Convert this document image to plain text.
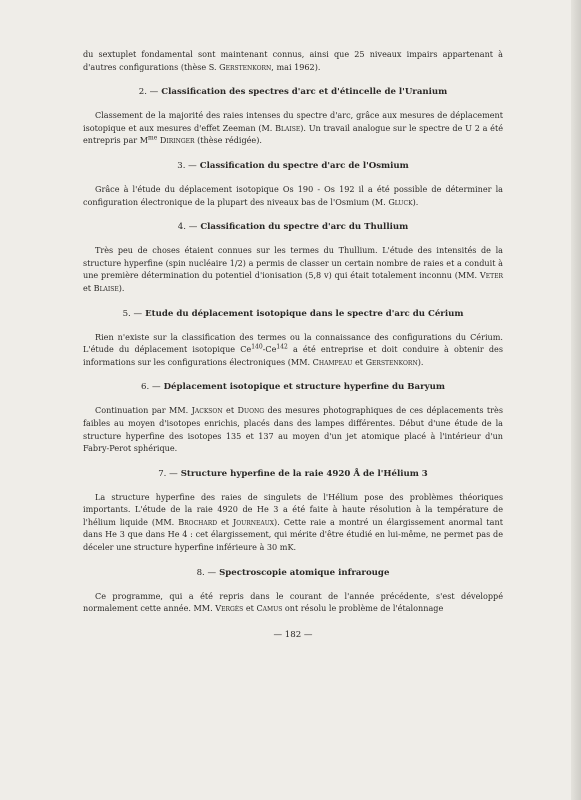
du sextuplet fondamental sont maintenant connus, ainsi que 25 niveaux impairs appartenant à d'autres configurations (thèse S. Gerstenkorn, mai 1962).

2. — Classification des spectres d'arc et d'étincelle de l'Uranium

Classement de la majorité des raies intenses du spectre d'arc, grâce aux mesures de déplacement isotopique et aux mesures d'effet Zeeman (M. Blaise). Un travail analogue sur le spectre de U 2 a été entrepris par $M^{me}$ Diringer (thèse rédigée).

3. — Classification du spectre d'arc de l'Osmium

Grâce à l'étude du déplacement isotopique Os 190 - Os 192 il a été possible de déterminer la configuration électronique de la plupart des niveaux bas de l'Osmium (M. Gluck).

4. — Classification du spectre d'arc du Thullium

Très peu de choses étaient connues sur les termes du Thullium. L'étude des intensités de la structure hyperfine (spin nucléaire 1/2) a permis de classer un certain nombre de raies et a conduit à une première détermination du potentiel d'ionisation (5,8 v) qui était totalement inconnu (MM. Veter et Blaise).

5. — Etude du déplacement isotopique dans le spectre d'arc du Cérium

Rien n'existe sur la classification des termes ou la connaissance des configurations du Cérium. L'étude du déplacement isotopique Ce$^{140}$-Ce$^{142}$ a été entreprise et doit conduire à obtenir des informations sur les configurations électroniques (MM. Champeau et Gerstenkorn).

6. — Déplacement isotopique et structure hyperfine du Baryum

Continuation par MM. Jackson et Duong des mesures photographiques de ces déplacements très faibles au moyen d'isotopes enrichis, placés dans des lampes différentes. Début d'une étude de la structure hyperfine des isotopes 135 et 137 au moyen d'un jet atomique placé à l'intérieur d'un Fabry-Perot sphérique.

7. — Structure hyperfine de la raie 4920 Å de l'Hélium 3

La structure hyperfine des raies de singulets de l'Hélium pose des problèmes théoriques importants. L'étude de la raie 4920 de He 3 a été faite à haute résolution à la température de l'hélium liquide (MM. Brochard et Journeaux). Cette raie a montré un élargissement anormal tant dans He 3 que dans He 4 : cet élargissement, qui mérite d'être étudié en lui-même, ne permet pas de déceler une structure hyperfine inférieure à 30 mK.

8. — Spectroscopie atomique infrarouge

Ce programme, qui a été repris dans le courant de l'année précédente, s'est développé normalement cette année. MM. Vergès et Camus ont résolu le problème de l'étalonnage

— 182 —
